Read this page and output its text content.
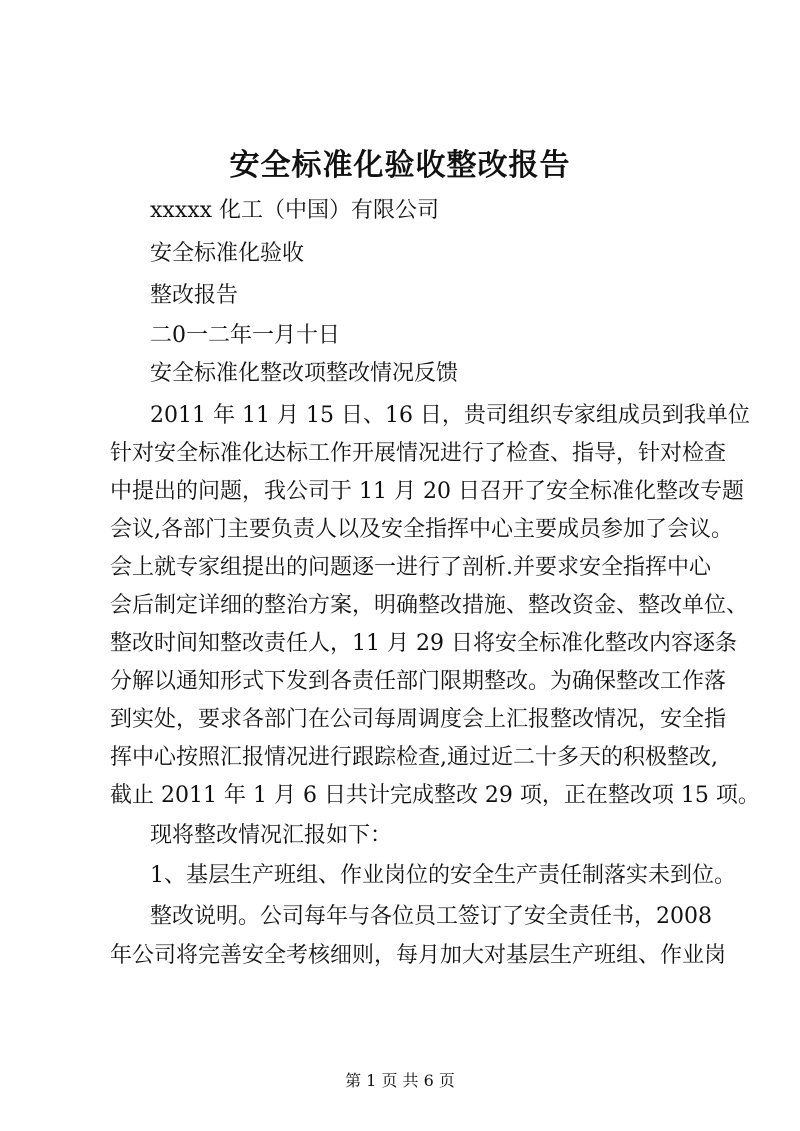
安全标准化验收整改报告
xxxxx 化工（中国）有限公司
安全标准化验收
整改报告
二0一二年一月十日
安全标准化整改项整改情况反馈
2011 年 11 月 15 日、16 日，贵司组织专家组成员到我单位
针对安全标准化达标工作开展情况进行了检查、指导，针对检查
中提出的问题，我公司于 11 月 20 日召开了安全标准化整改专题
会议,各部门主要负责人以及安全指挥中心主要成员参加了会议。
会上就专家组提出的问题逐一进行了剖析.并要求安全指挥中心
会后制定详细的整治方案，明确整改措施、整改资金、整改单位、
整改时间知整改责任人，11 月 29 日将安全标准化整改内容逐条
分解以通知形式下发到各责任部门限期整改。为确保整改工作落
到实处，要求各部门在公司每周调度会上汇报整改情况，安全指
挥中心按照汇报情况进行跟踪检查,通过近二十多天的积极整改,
截止 2011 年 1 月 6 日共计完成整改 29 项，正在整改项 15 项。
现将整改情况汇报如下：
1、基层生产班组、作业岗位的安全生产责任制落实未到位。
整改说明。公司每年与各位员工签订了安全责任书，2008
年公司将完善安全考核细则，每月加大对基层生产班组、作业岗
第 1 页 共 6 页
